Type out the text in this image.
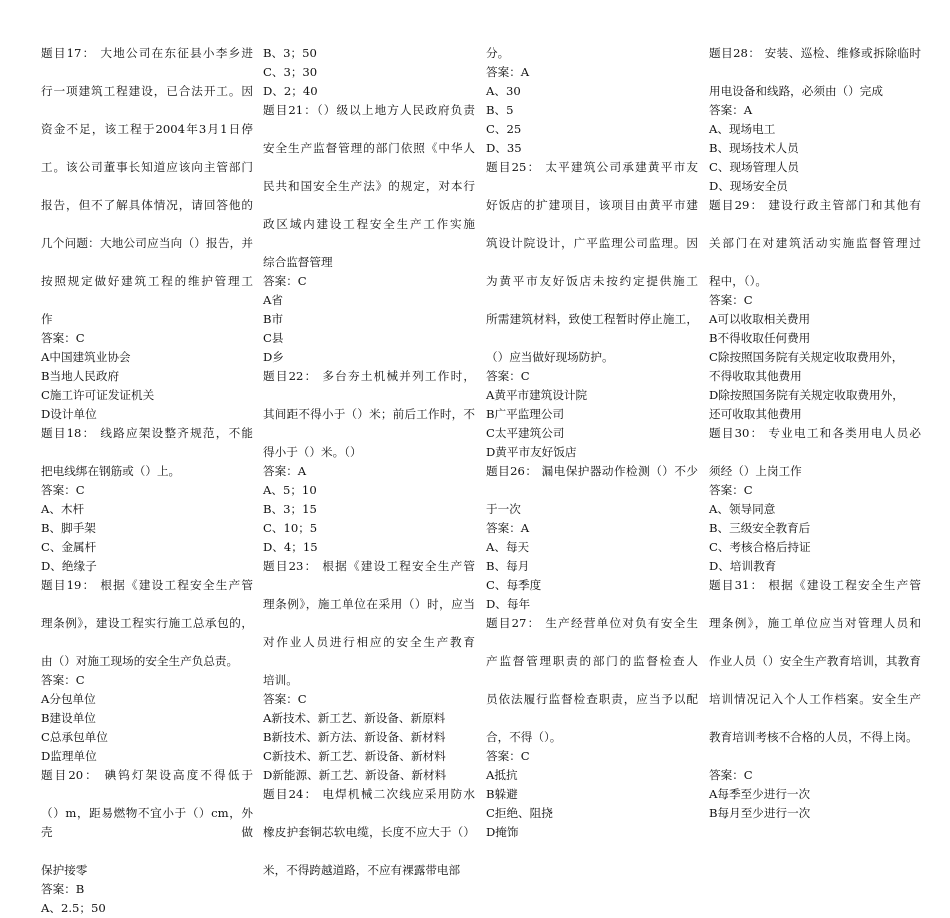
题目17： 大地公司在东征县小李乡进
行一项建筑工程建设，已合法开工。因
资金不足，该工程于2004年3月1日停
工。该公司董事长知道应该向主管部门
报告，但不了解具体情况，请回答他的
几个问题：大地公司应当向（）报告，并
按照规定做好建筑工程的维护管理工
作
答案：C
A中国建筑业协会
B当地人民政府
C施工许可证发证机关
D设计单位
题目18： 线路应架设整齐规范，不能
把电线绑在钢筋或（）上。
答案：C
A、木杆
B、脚手架
C、金属杆
D、绝缘子
题目19： 根据《建设工程安全生产管
理条例》，建设工程实行施工总承包的，
由（）对施工现场的安全生产负总责。
答案：C
A分包单位
B建设单位
C总承包单位
D监理单位
题目20： 碘钨灯架设高度不得低于
（）m，距易燃物不宜小于（）cm，外壳做
保护接零
答案：B
A、2.5；50
B、3；50
C、3；30
D、2；40
题目21：（）级以上地方人民政府负责
安全生产监督管理的部门依照《中华人
民共和国安全生产法》的规定，对本行
政区域内建设工程安全生产工作实施
综合监督管理
答案：C
A省
B市
C县
D乡
题目22： 多台夯土机械并列工作时，
其间距不得小于（）米；前后工作时，不
得小于（）米。（）
答案：A
A、5；10
B、3；15
C、10；5
D、4；15
题目23： 根据《建设工程安全生产管
理条例》，施工单位在采用（）时，应当
对作业人员进行相应的安全生产教育
培训。
答案：C
A新技术、新工艺、新设备、新原料
B新技术、新方法、新设备、新材料
C新技术、新工艺、新设备、新材料
D新能源、新工艺、新设备、新材料
题目24： 电焊机械二次线应采用防水
橡皮护套铜芯软电缆，长度不应大于（）
米，不得跨越道路，不应有裸露带电部
分。
答案：A
A、30
B、5
C、25
D、35
题目25： 太平建筑公司承建黄平市友
好饭店的扩建项目，该项目由黄平市建
筑设计院设计，广平监理公司监理。因
为黄平市友好饭店未按约定提供施工
所需建筑材料，致使工程暂时停止施工，
（）应当做好现场防护。
答案：C
A黄平市建筑设计院
B广平监理公司
C太平建筑公司
D黄平市友好饭店
题目26： 漏电保护器动作检测（）不少
于一次
答案：A
A、每天
B、每月
C、每季度
D、每年
题目27： 生产经营单位对负有安全生
产监督管理职责的部门的监督检查人
员依法履行监督检查职责，应当予以配
合，不得（）。
答案：C
A抵抗
B躲避
C拒绝、阻挠
D掩饰
题目28： 安装、巡检、维修或拆除临时
用电设备和线路，必须由（）完成
答案：A
A、现场电工
B、现场技术人员
C、现场管理人员
D、现场安全员
题目29： 建设行政主管部门和其他有
关部门在对建筑活动实施监督管理过
程中，（）。
答案：C
A可以收取相关费用
B不得收取任何费用
C除按照国务院有关规定收取费用外，
不得收取其他费用
D除按照国务院有关规定收取费用外，
还可收取其他费用
题目30： 专业电工和各类用电人员必
须经（）上岗工作
答案：C
A、领导同意
B、三级安全教育后
C、考核合格后持证
D、培训教育
题目31： 根据《建设工程安全生产管
理条例》，施工单位应当对管理人员和
作业人员（）安全生产教育培训，其教育
培训情况记入个人工作档案。安全生产
教育培训考核不合格的人员，不得上岗。
答案：C
A每季至少进行一次
B每月至少进行一次
